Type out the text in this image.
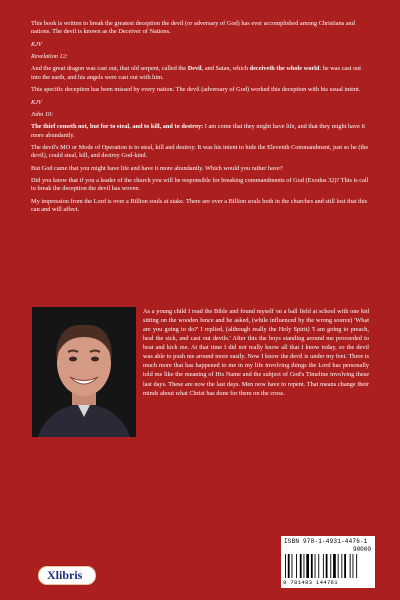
This book is written to break the greatest deception the devil (or adversary of God) has ever accomplished among Christians and nations. The devil is known as the Deceiver of Nations.

KJV

Revelation 12:

And the great dragon was cast out, that old serpent, called the Devil, and Satan, which deceiveth the whole world: he was cast out into the earth, and his angels were cast out with him.

This specific deception has been missed by every nation. The devil (adversary of God) worked this deception with his usual intent.

KJV

John 10:

The thief cometh not, but for to steal, and to kill, and to destroy: I am come that they might have life, and that they might have it more abundantly.

The devil's MO or Mode of Operation is to steal, kill and destroy. It was his intent to hide the Eleventh Commandment, just so he (the devil), could steal, kill, and destroy God-kind.

But God came that you might have life and have it more abundantly. Which would you rather have?

Did you know that if you a leader of the church you will be responsible for breaking commandments of God (Exodus 32)? This is call to break the deception the devil has woven.

My impression from the Lord is over a Billion souls at stake. There are over a Billion souls both in the churches and still lost that this can and will affect.

As a young child I read the Bible and found myself on a ball field at school with one kid sitting on the wooden fence and he asked, (while influenced by the wrong source) 'What are you going to do?' I replied, (although really the Holy Spirit) 'I am going to preach, heal the sick, and cast out devils.' After this the boys standing around me proceeded to beat and kick me. At that time I did not really know all that I know today, so the devil was able to push me around more easily. Now I know the devil is under my feet. There is much more that has happened to me in my life involving things the Lord has personally told me like the meaning of His Name and the subject of God's Timeline involving these last days. These are now the last days. Men now have to repent. That means change their minds about what Christ has done for them on the cross.
Xlibris
ISBN 978-1-4931-4476-1
90000
9 781493 144761
